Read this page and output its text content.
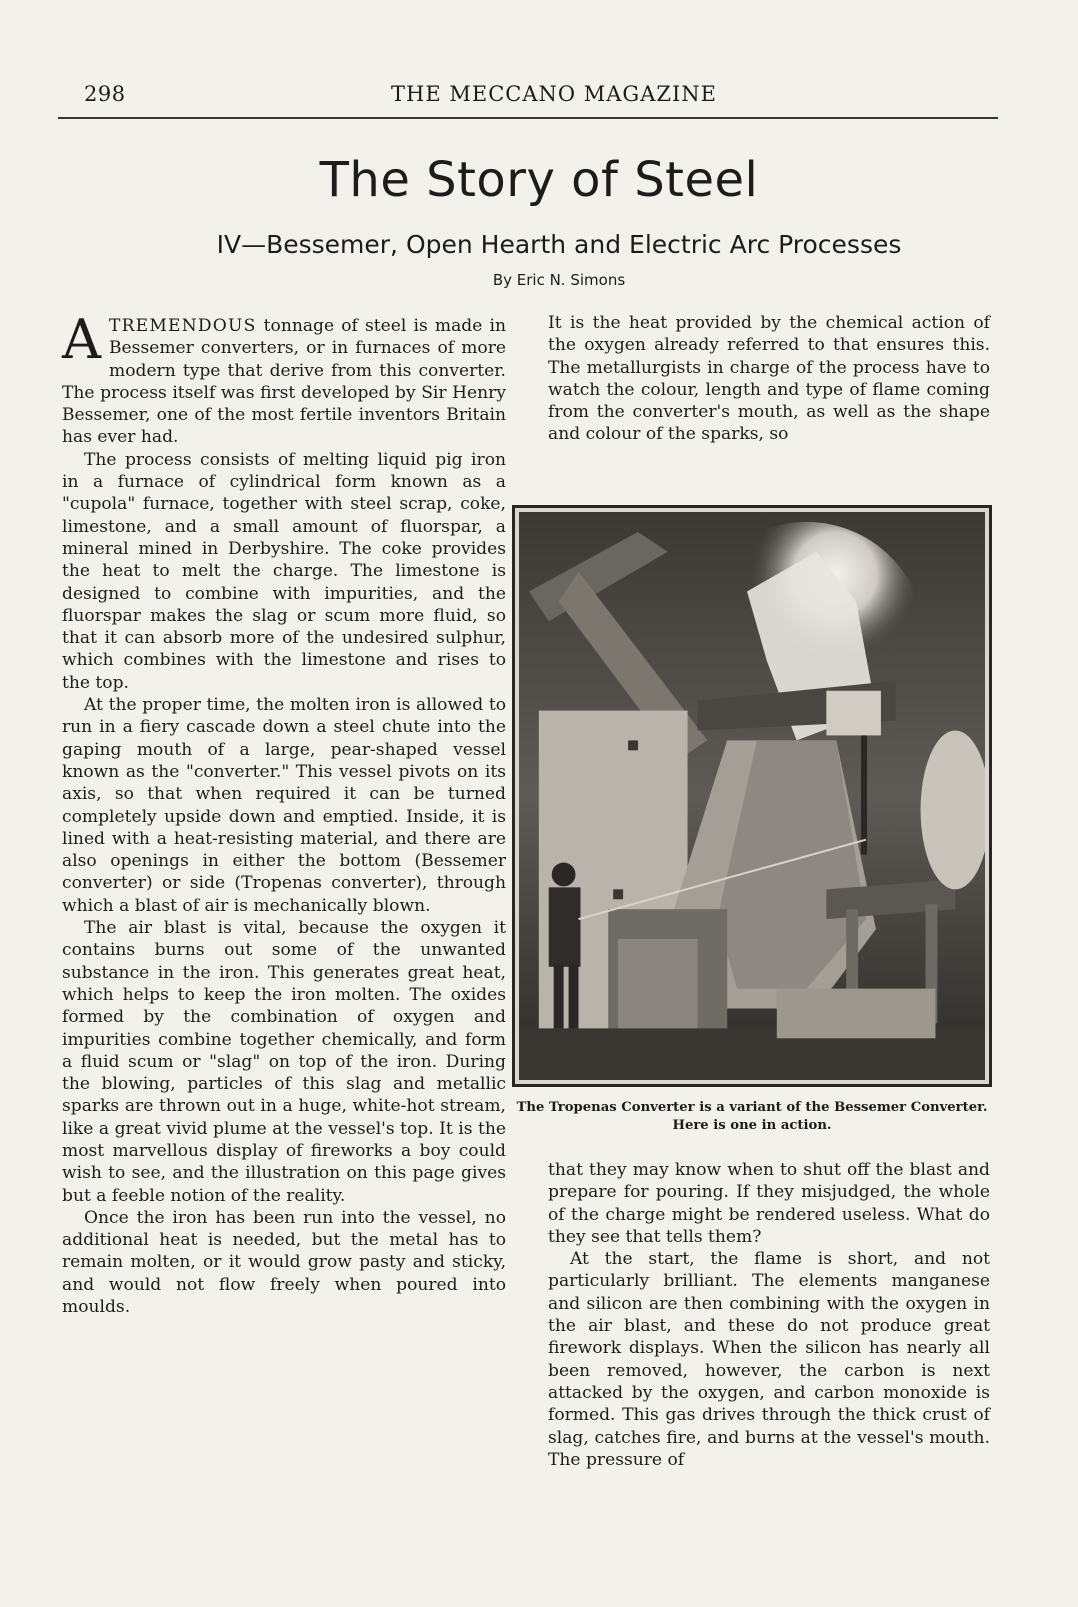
298	THE MECCANO MAGAZINE
The Story of Steel
IV—Bessemer, Open Hearth and Electric Arc Processes
By Eric N. Simons

ATREMENDOUS tonnage of steel is made in Bessemer converters, or in furnaces of more modern type that derive from this converter. The process itself was first developed by Sir Henry Bessemer, one of the most fertile inventors Britain has ever had.

The process consists of melting liquid pig iron in a furnace of cylindrical form known as a "cupola" furnace, together with steel scrap, coke, limestone, and a small amount of fluorspar, a mineral mined in Derbyshire. The coke provides the heat to melt the charge. The limestone is designed to combine with impurities, and the fluorspar makes the slag or scum more fluid, so that it can absorb more of the undesired sulphur, which combines with the limestone and rises to the top.

At the proper time, the molten iron is allowed to run in a fiery cascade down a steel chute into the gaping mouth of a large, pear-shaped vessel known as the "converter." This vessel pivots on its axis, so that when required it can be turned completely upside down and emptied. Inside, it is lined with a heat-resisting material, and there are also openings in either the bottom (Bessemer converter) or side (Tropenas converter), through which a blast of air is mechanically blown.

The air blast is vital, because the oxygen it contains burns out some of the unwanted substance in the iron. This generates great heat, which helps to keep the iron molten. The oxides formed by the combination of oxygen and impurities combine together chemically, and form a fluid scum or "slag" on top of the iron. During the blowing, particles of this slag and metallic sparks are thrown out in a huge, white-hot stream, like a great vivid plume at the vessel's top. It is the most marvellous display of fireworks a boy could wish to see, and the illustration on this page gives but a feeble notion of the reality.

Once the iron has been run into the vessel, no additional heat is needed, but the metal has to remain molten, or it would grow pasty and sticky, and would not flow freely when poured into moulds.

It is the heat provided by the chemical action of the oxygen already referred to that ensures this. The metallurgists in charge of the process have to watch the colour, length and type of flame coming from the converter's mouth, as well as the shape and colour of the sparks, so

The Tropenas Converter is a variant of the Bessemer Converter. Here is one in action.

that they may know when to shut off the blast and prepare for pouring. If they misjudged, the whole of the charge might be rendered useless. What do they see that tells them?

At the start, the flame is short, and not particularly brilliant. The elements manganese and silicon are then combining with the oxygen in the air blast, and these do not produce great firework displays. When the silicon has nearly all been removed, however, the carbon is next attacked by the oxygen, and carbon monoxide is formed. This gas drives through the thick crust of slag, catches fire, and burns at the vessel's mouth. The pressure of
